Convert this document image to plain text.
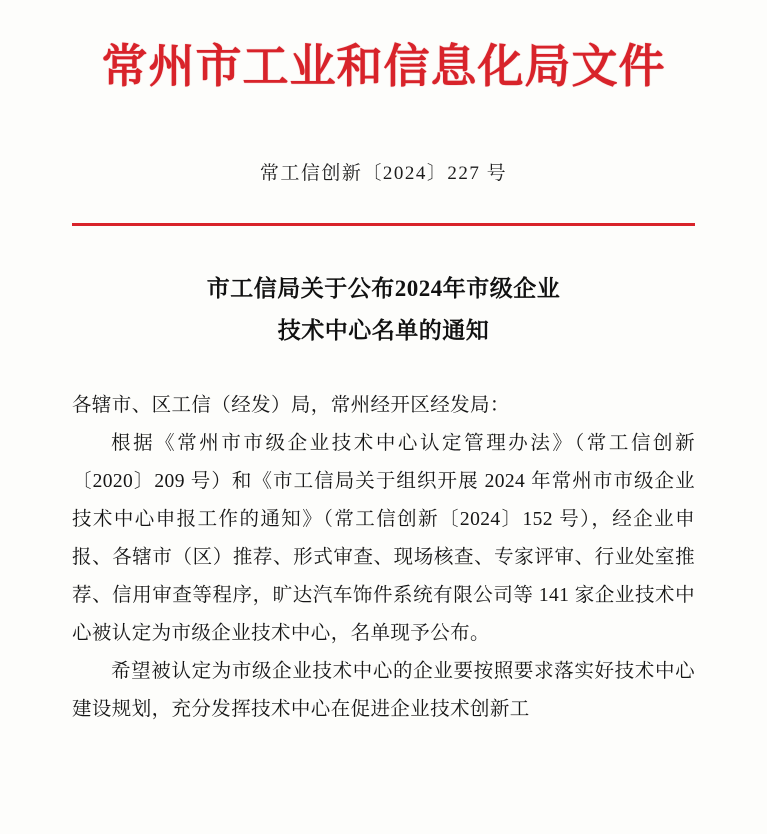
常州市工业和信息化局文件
常工信创新〔2024〕227 号
市工信局关于公布2024年市级企业
技术中心名单的通知

各辖市、区工信（经发）局，常州经开区经发局：

根据《常州市市级企业技术中心认定管理办法》（常工信创新〔2020〕209 号）和《市工信局关于组织开展 2024 年常州市市级企业技术中心申报工作的通知》（常工信创新〔2024〕152 号），经企业申报、各辖市（区）推荐、形式审查、现场核查、专家评审、行业处室推荐、信用审查等程序，旷达汽车饰件系统有限公司等 141 家企业技术中心被认定为市级企业技术中心，名单现予公布。

希望被认定为市级企业技术中心的企业要按照要求落实好技术中心建设规划，充分发挥技术中心在促进企业技术创新工
